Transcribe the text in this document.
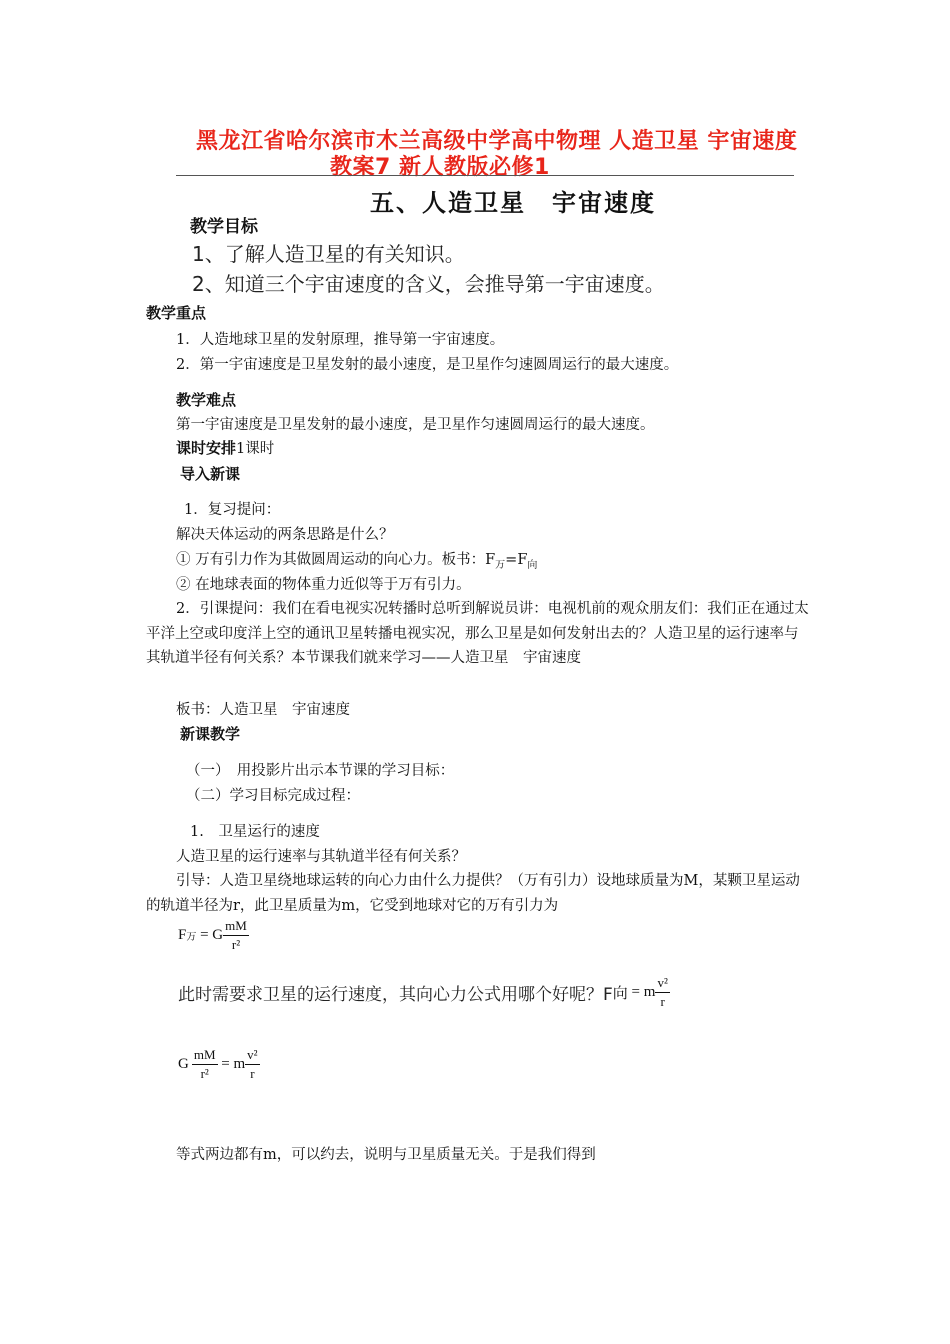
黑龙江省哈尔滨市木兰高级中学高中物理 人造卫星 宇宙速度
教案7 新人教版必修1
五、人造卫星　宇宙速度
教学目标
1、了解人造卫星的有关知识。
2、知道三个宇宙速度的含义，会推导第一宇宙速度。
教学重点
1．人造地球卫星的发射原理，推导第一宇宙速度。
2．第一宇宙速度是卫星发射的最小速度，是卫星作匀速圆周运行的最大速度。
教学难点
第一宇宙速度是卫星发射的最小速度，是卫星作匀速圆周运行的最大速度。
课时安排1课时
导入新课
1．复习提问：
解决天体运动的两条思路是什么？
① 万有引力作为其做圆周运动的向心力。板书：$F_万=F_向$
② 在地球表面的物体重力近似等于万有引力。
2．引课提问：我们在看电视实况转播时总听到解说员讲：电视机前的观众朋友们：我们正在通过太平洋上空或印度洋上空的通讯卫星转播电视实况，那么卫星是如何发射出去的？人造卫星的运行速率与其轨道半径有何关系？本节课我们就来学习——人造卫星　宇宙速度
板书：人造卫星　宇宙速度
新课教学
（一）　用投影片出示本节课的学习目标：
（二）学习目标完成过程：
1.　卫星运行的速度
人造卫星的运行速率与其轨道半径有何关系？
引导：人造卫星绕地球运转的向心力由什么力提供？（万有引力）设地球质量为M，某颗卫星运动的轨道半径为r，此卫星质量为m，它受到地球对它的万有引力为
F 万 = G $\frac{mM}{\text{r²}}$
此时需要求卫星的运行速度，其向心力公式用哪个好呢？F 向 = m $\frac{\text{v²}}{r}$
G $\frac{mM}{\text{r²}} = m \frac{\text{v²}}{r}$
等式两边都有m，可以约去，说明与卫星质量无关。于是我们得到
